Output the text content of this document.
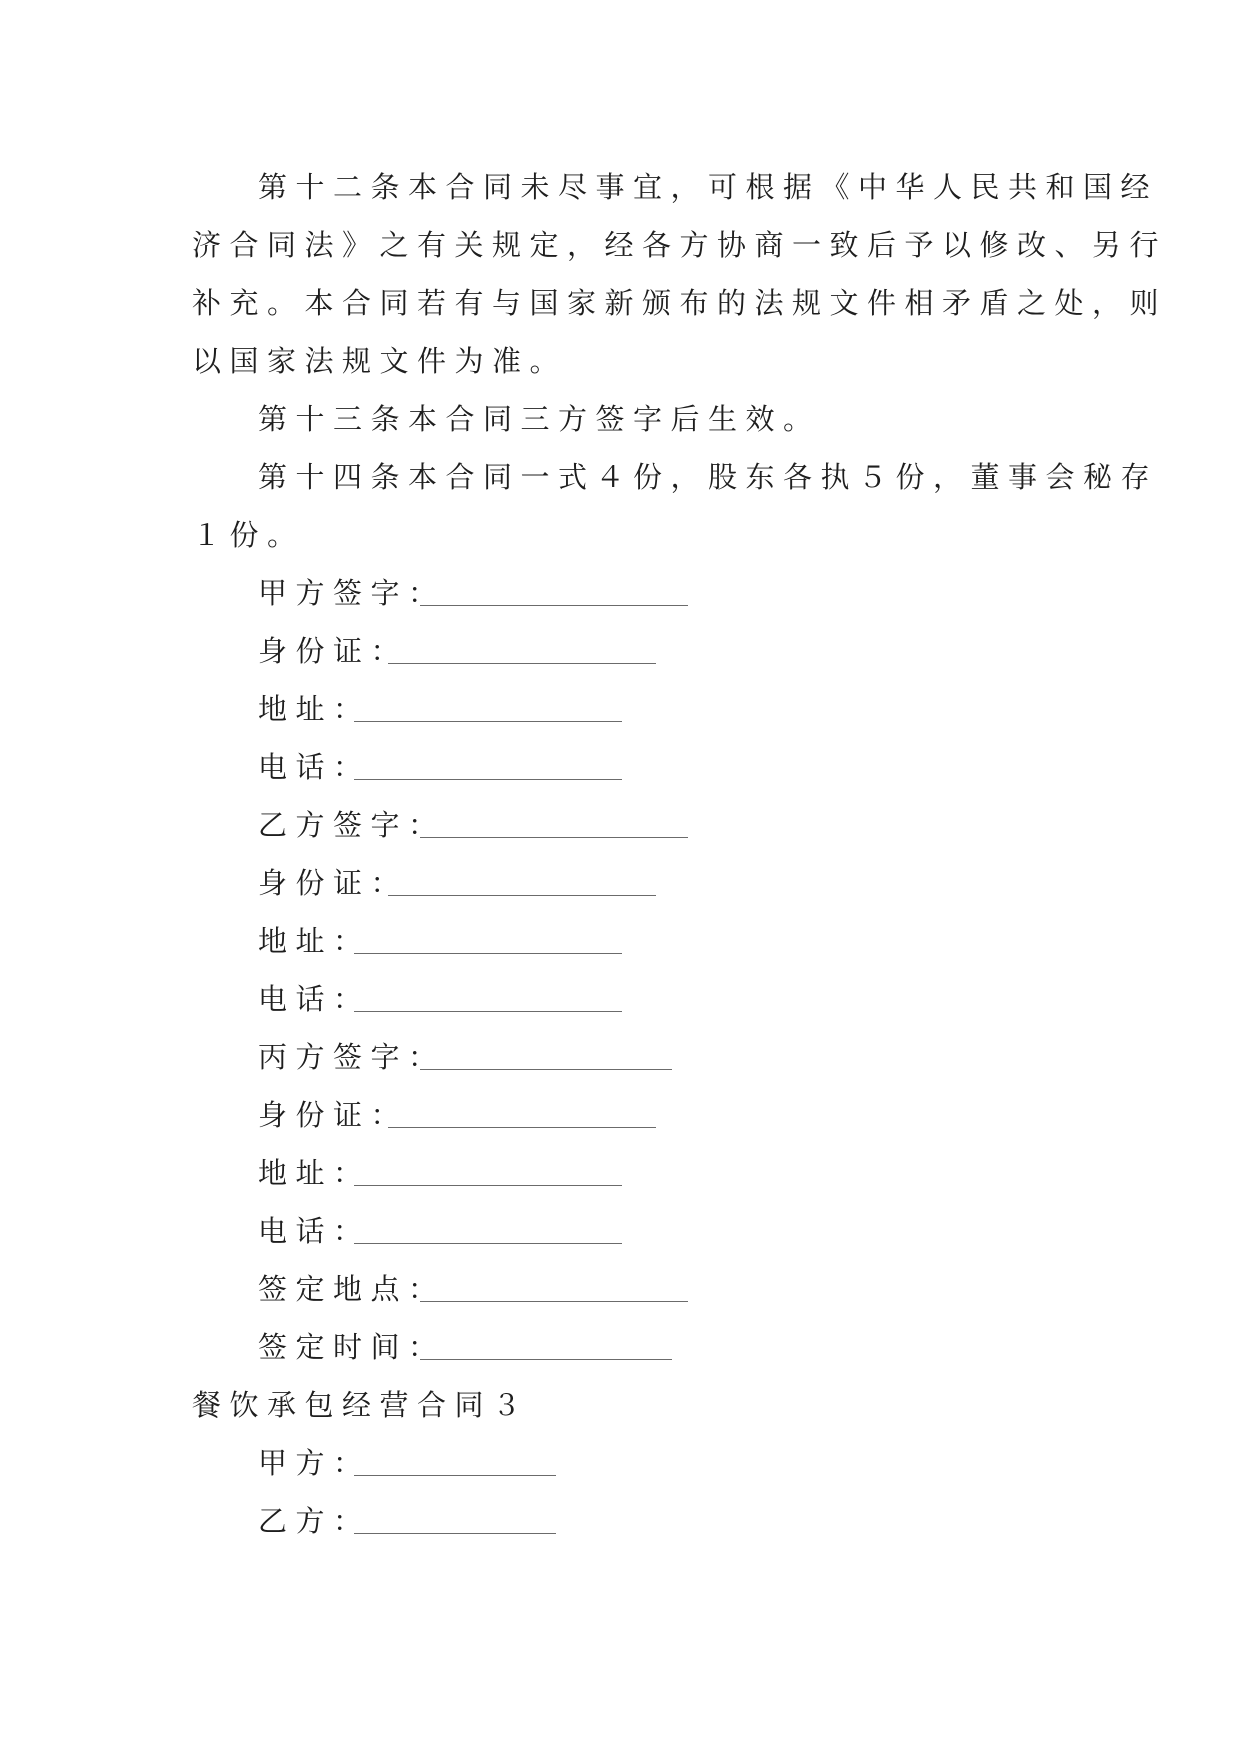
第十二条本合同未尽事宜，可根据《中华人民共和国经
济合同法》之有关规定，经各方协商一致后予以修改、另行
补充。本合同若有与国家新颁布的法规文件相矛盾之处，则
以国家法规文件为准。
第十三条本合同三方签字后生效。
第十四条本合同一式４份，股东各执５份，董事会秘存
１份。
甲方签字：
身份证：
地址：
电话：
乙方签字：
身份证：
地址：
电话：
丙方签字：
身份证：
地址：
电话：
签定地点：
签定时间：
餐饮承包经营合同３
甲方：
乙方：
